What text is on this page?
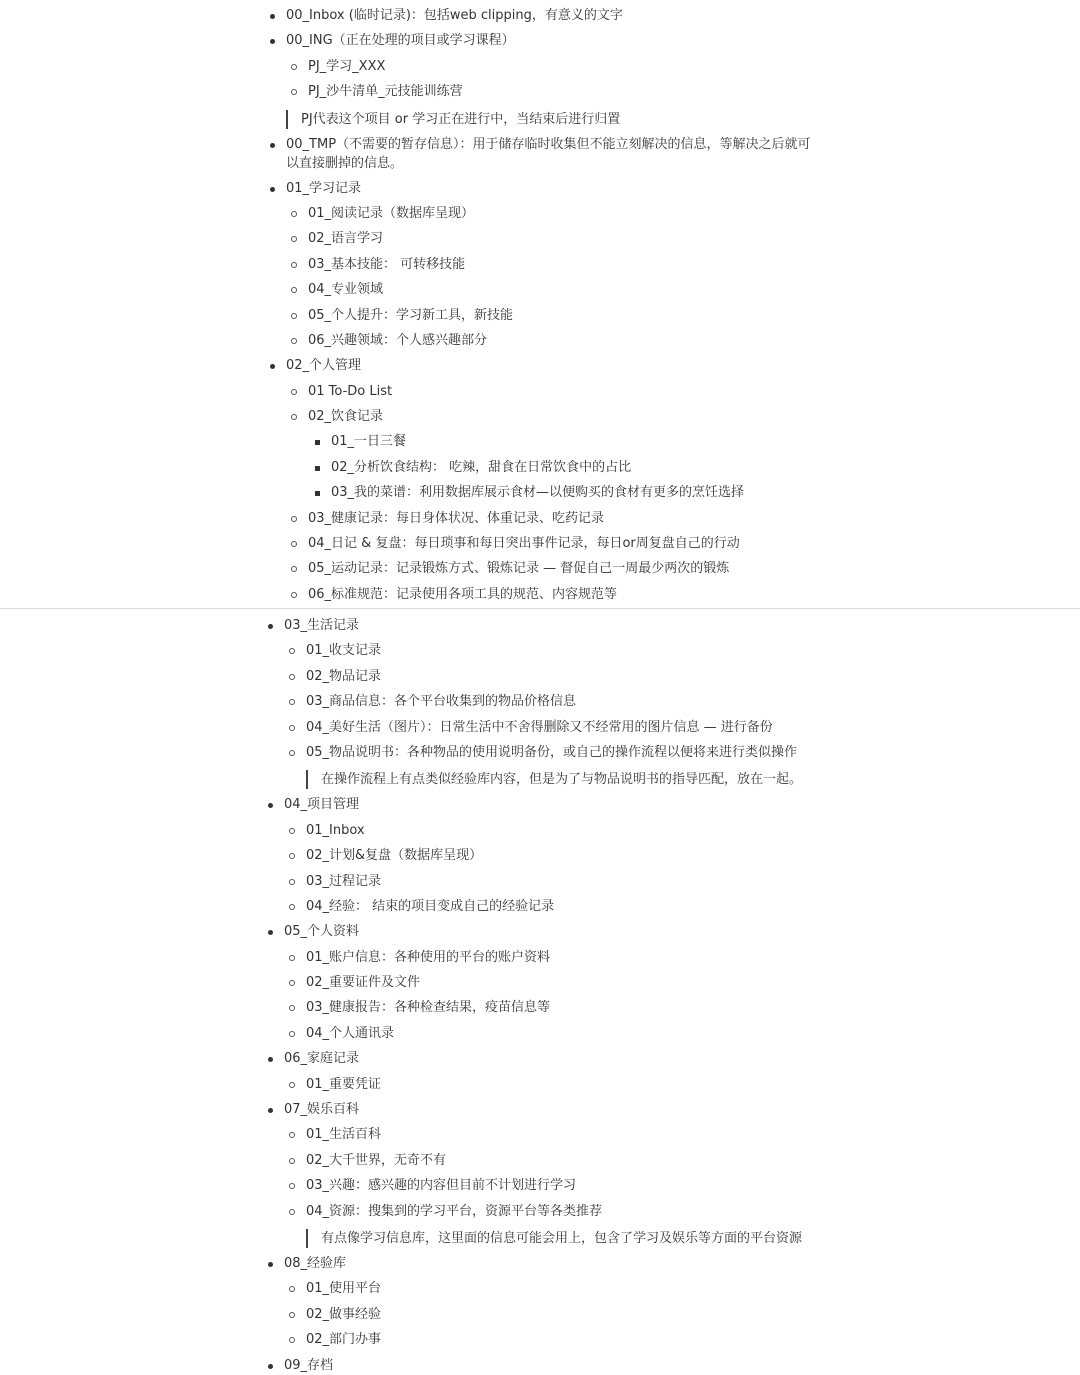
00_Inbox (临时记录)：包括web clipping，有意义的文字
00_ING（正在处理的项目或学习课程）
PJ_学习_XXX
PJ_沙牛清单_元技能训练营
PJ代表这个项目 or 学习正在进行中，当结束后进行归置
00_TMP（不需要的暂存信息）：用于储存临时收集但不能立刻解决的信息，等解决之后就可以直接删掉的信息。
01_学习记录
01_阅读记录（数据库呈现）
02_语言学习
03_基本技能： 可转移技能
04_专业领域
05_个人提升：学习新工具，新技能
06_兴趣领域：个人感兴趣部分
02_个人管理
01 To-Do List
02_饮食记录
01_一日三餐
02_分析饮食结构： 吃辣，甜食在日常饮食中的占比
03_我的菜谱：利用数据库展示食材—以便购买的食材有更多的烹饪选择
03_健康记录：每日身体状况、体重记录、吃药记录
04_日记 & 复盘：每日琐事和每日突出事件记录，每日or周复盘自己的行动
05_运动记录：记录锻炼方式、锻炼记录 — 督促自己一周最少两次的锻炼
06_标准规范：记录使用各项工具的规范、内容规范等
03_生活记录
01_收支记录
02_物品记录
03_商品信息：各个平台收集到的物品价格信息
04_美好生活（图片）：日常生活中不舍得删除又不经常用的图片信息 — 进行备份
05_物品说明书：各种物品的使用说明备份，或自己的操作流程以便将来进行类似操作
在操作流程上有点类似经验库内容，但是为了与物品说明书的指导匹配，放在一起。
04_项目管理
01_Inbox
02_计划&复盘（数据库呈现）
03_过程记录
04_经验： 结束的项目变成自己的经验记录
05_个人资料
01_账户信息：各种使用的平台的账户资料
02_重要证件及文件
03_健康报告：各种检查结果，疫苗信息等
04_个人通讯录
06_家庭记录
01_重要凭证
07_娱乐百科
01_生活百科
02_大千世界，无奇不有
03_兴趣：感兴趣的内容但目前不计划进行学习
04_资源：搜集到的学习平台，资源平台等各类推荐
有点像学习信息库，这里面的信息可能会用上，包含了学习及娱乐等方面的平台资源
08_经验库
01_使用平台
02_做事经验
02_部门办事
09_存档
